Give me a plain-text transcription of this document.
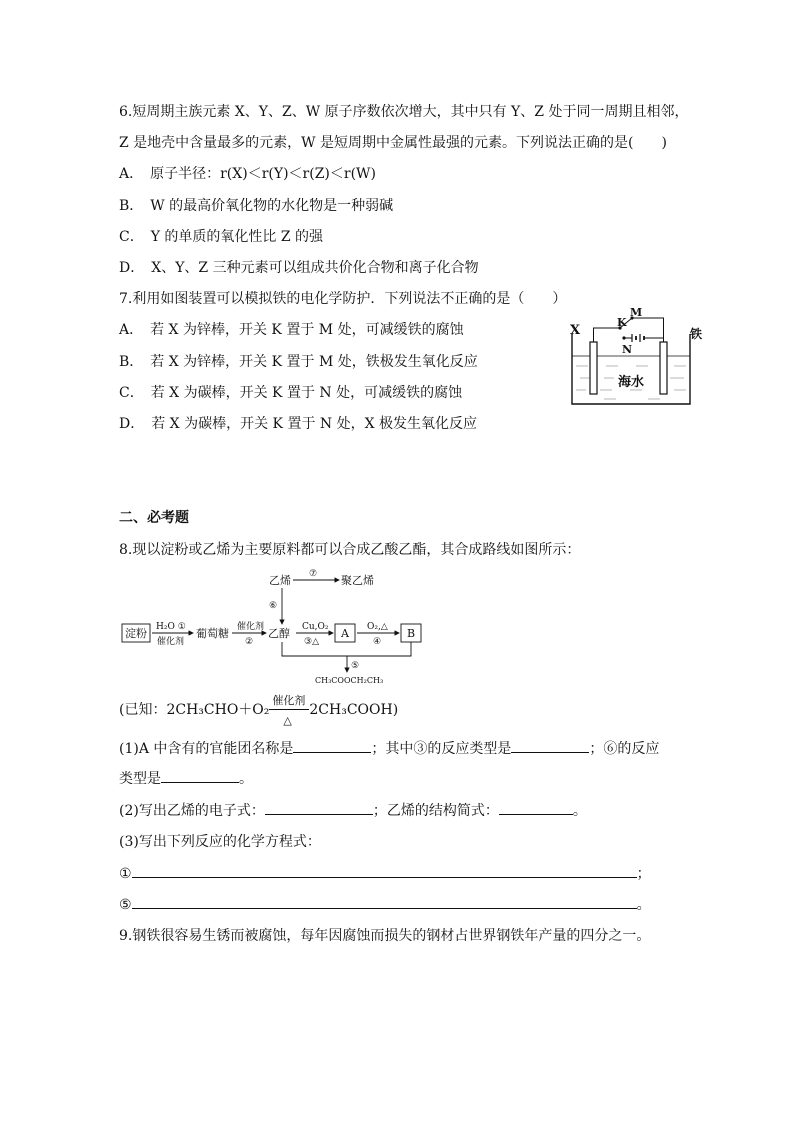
6.短周期主族元素 X、Y、Z、W 原子序数依次增大，其中只有 Y、Z 处于同一周期且相邻，
Z 是地壳中含量最多的元素，W 是短周期中金属性最强的元素。下列说法正确的是(　　)
A．　原子半径：r(X)＜r(Y)＜r(Z)＜r(W)
B．　W 的最高价氧化物的水化物是一种弱碱
C．　Y 的单质的氧化性比 Z 的强
D．　X、Y、Z 三种元素可以组成共价化合物和离子化合物
7.利用如图装置可以模拟铁的电化学防护．下列说法不正确的是（　　）
A．　若 X 为锌棒，开关 K 置于 M 处，可减缓铁的腐蚀
B．　若 X 为锌棒，开关 K 置于 M 处，铁极发生氧化反应
C．　若 X 为碳棒，开关 K 置于 N 处，可减缓铁的腐蚀
D．　若 X 为碳棒，开关 K 置于 N 处，X 极发生氧化反应
X
K
M
N
铁
海水
二、必考题
8.现以淀粉或乙烯为主要原料都可以合成乙酸乙酯，其合成路线如图所示：
乙烯 ⑦ 聚乙烯
⑥
淀粉 H₂O ①
催化剂
葡萄糖 催化剂
②
乙醇 Cu,O₂
③△
A O₂,△
④
B
⑤
CH₃COOCH₂CH₃
(已知：2CH₃CHO＋O₂
催化剂
△
2CH₃COOH)
(1)A 中含有的官能团名称是	；其中③的反应类型是	；⑥的反应
类型是	。
(2)写出乙烯的电子式：	；乙烯的结构简式：	。
(3)写出下列反应的化学方程式：
①	；
⑤	。
9.钢铁很容易生锈而被腐蚀，每年因腐蚀而损失的钢材占世界钢铁年产量的四分之一。
